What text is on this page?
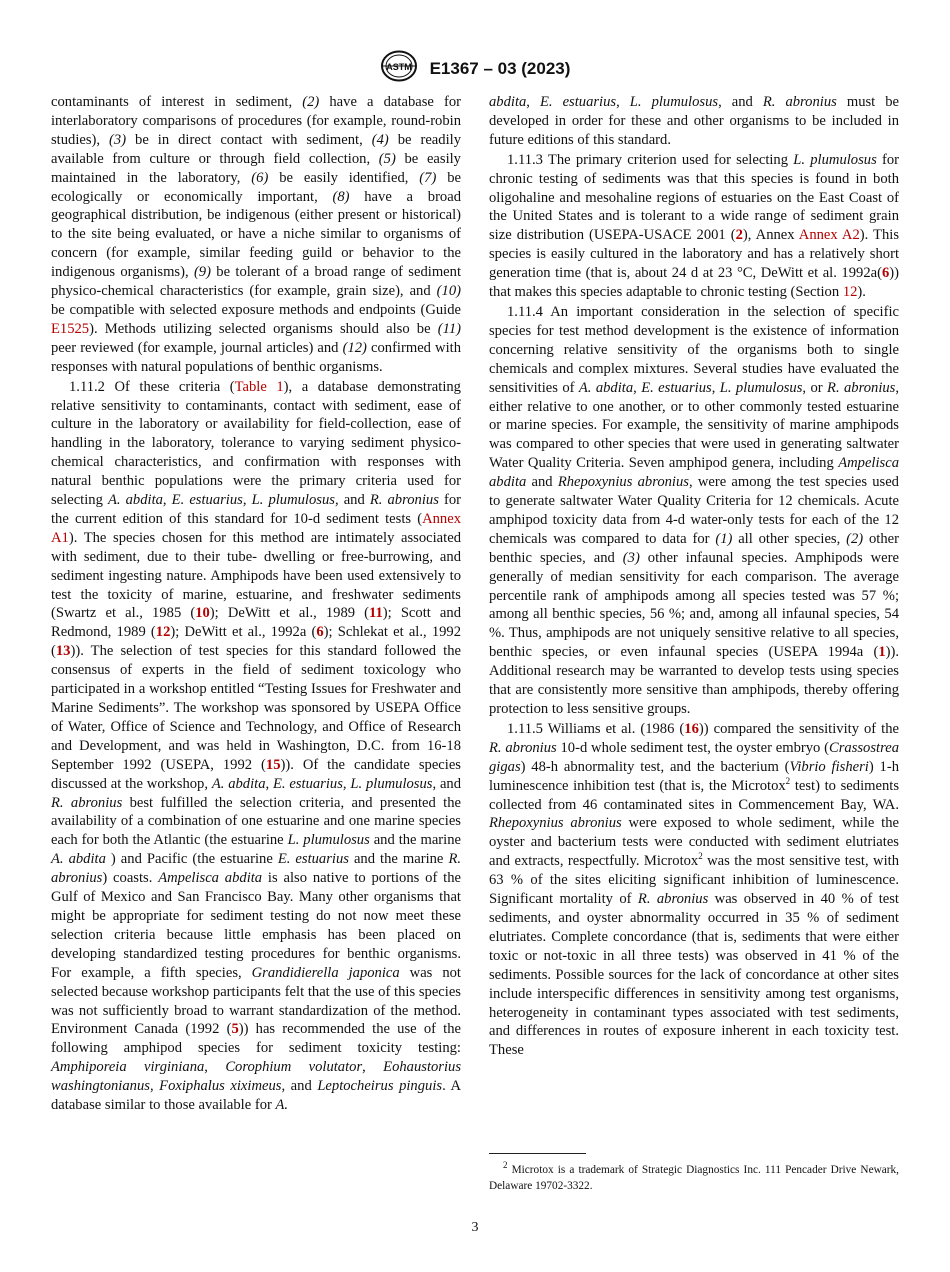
ASTM E1367 – 03 (2023)

contaminants of interest in sediment, (2) have a database for interlaboratory comparisons of procedures (for example, round-robin studies), (3) be in direct contact with sediment, (4) be readily available from culture or through field collection, (5) be easily maintained in the laboratory, (6) be easily identified, (7) be ecologically or economically important, (8) have a broad geographical distribution, be indigenous (either present or historical) to the site being evaluated, or have a niche similar to organisms of concern (for example, similar feeding guild or behavior to the indigenous organisms), (9) be tolerant of a broad range of sediment physico-chemical characteristics (for example, grain size), and (10) be compatible with selected exposure methods and endpoints (Guide E1525). Methods utilizing selected organisms should also be (11) peer reviewed (for example, journal articles) and (12) confirmed with responses with natural populations of benthic organisms.

1.11.2 Of these criteria (Table 1), a database demonstrating relative sensitivity to contaminants, contact with sediment, ease of culture in the laboratory or availability for field-collection, ease of handling in the laboratory, tolerance to varying sediment physico-chemical characteristics, and confirmation with responses with natural benthic populations were the primary criteria used for selecting A. abdita, E. estuarius, L. plumulosus, and R. abronius for the current edition of this standard for 10-d sediment tests (Annex A1). The species chosen for this method are intimately associated with sediment, due to their tube- dwelling or free-burrowing, and sediment ingesting nature. Amphipods have been used extensively to test the toxicity of marine, estuarine, and freshwater sediments (Swartz et al., 1985 (10); DeWitt et al., 1989 (11); Scott and Redmond, 1989 (12); DeWitt et al., 1992a (6); Schlekat et al., 1992 (13)). The selection of test species for this standard followed the consensus of experts in the field of sediment toxicology who participated in a workshop entitled “Testing Issues for Freshwater and Marine Sediments”. The workshop was sponsored by USEPA Office of Water, Office of Science and Technology, and Office of Research and Development, and was held in Washington, D.C. from 16-18 September 1992 (USEPA, 1992 (15)). Of the candidate species discussed at the workshop, A. abdita, E. estuarius, L. plumulosus, and R. abronius best fulfilled the selection criteria, and presented the availability of a combination of one estuarine and one marine species each for both the Atlantic (the estuarine L. plumulosus and the marine A. abdita ) and Pacific (the estuarine E. estuarius and the marine R. abronius) coasts. Ampelisca abdita is also native to portions of the Gulf of Mexico and San Francisco Bay. Many other organisms that might be appropriate for sediment testing do not now meet these selection criteria because little emphasis has been placed on developing standardized testing procedures for benthic organisms. For example, a fifth species, Grandidierella japonica was not selected because workshop participants felt that the use of this species was not sufficiently broad to warrant standardization of the method. Environment Canada (1992 (5)) has recommended the use of the following amphipod species for sediment toxicity testing: Amphiporeia virginiana, Corophium volutator, Eohaustorius washingtonianus, Foxiphalus xiximeus, and Leptocheirus pinguis. A database similar to those available for A.

abdita, E. estuarius, L. plumulosus, and R. abronius must be developed in order for these and other organisms to be included in future editions of this standard.

1.11.3 The primary criterion used for selecting L. plumulosus for chronic testing of sediments was that this species is found in both oligohaline and mesohaline regions of estuaries on the East Coast of the United States and is tolerant to a wide range of sediment grain size distribution (USEPA-USACE 2001 (2), Annex Annex A2). This species is easily cultured in the laboratory and has a relatively short generation time (that is, about 24 d at 23 °C, DeWitt et al. 1992a(6)) that makes this species adaptable to chronic testing (Section 12).

1.11.4 An important consideration in the selection of specific species for test method development is the existence of information concerning relative sensitivity of the organisms both to single chemicals and complex mixtures. Several studies have evaluated the sensitivities of A. abdita, E. estuarius, L. plumulosus, or R. abronius, either relative to one another, or to other commonly tested estuarine or marine species. For example, the sensitivity of marine amphipods was compared to other species that were used in generating saltwater Water Quality Criteria. Seven amphipod genera, including Ampelisca abdita and Rhepoxynius abronius, were among the test species used to generate saltwater Water Quality Criteria for 12 chemicals. Acute amphipod toxicity data from 4-d water-only tests for each of the 12 chemicals was compared to data for (1) all other species, (2) other benthic species, and (3) other infaunal species. Amphipods were generally of median sensitivity for each comparison. The average percentile rank of amphipods among all species tested was 57 %; among all benthic species, 56 %; and, among all infaunal species, 54 %. Thus, amphipods are not uniquely sensitive relative to all species, benthic species, or even infaunal species (USEPA 1994a (1)). Additional research may be warranted to develop tests using species that are consistently more sensitive than amphipods, thereby offering protection to less sensitive groups.

1.11.5 Williams et al. (1986 (16)) compared the sensitivity of the R. abronius 10-d whole sediment test, the oyster embryo (Crassostrea gigas) 48-h abnormality test, and the bacterium (Vibrio fisheri) 1-h luminescence inhibition test (that is, the Microtox$^2$ test) to sediments collected from 46 contaminated sites in Commencement Bay, WA. Rhepoxynius abronius were exposed to whole sediment, while the oyster and bacterium tests were conducted with sediment elutriates and extracts, respectfully. Microtox$^2$ was the most sensitive test, with 63 % of the sites eliciting significant inhibition of luminescence. Significant mortality of R. abronius was observed in 40 % of test sediments, and oyster abnormality occurred in 35 % of sediment elutriates. Complete concordance (that is, sediments that were either toxic or not-toxic in all three tests) was observed in 41 % of the sediments. Possible sources for the lack of concordance at other sites include interspecific differences in sensitivity among test organisms, heterogeneity in contaminant types associated with test sediments, and differences in routes of exposure inherent in each toxicity test. These

$^2$ Microtox is a trademark of Strategic Diagnostics Inc. 111 Pencader Drive Newark, Delaware 19702-3322.
3
